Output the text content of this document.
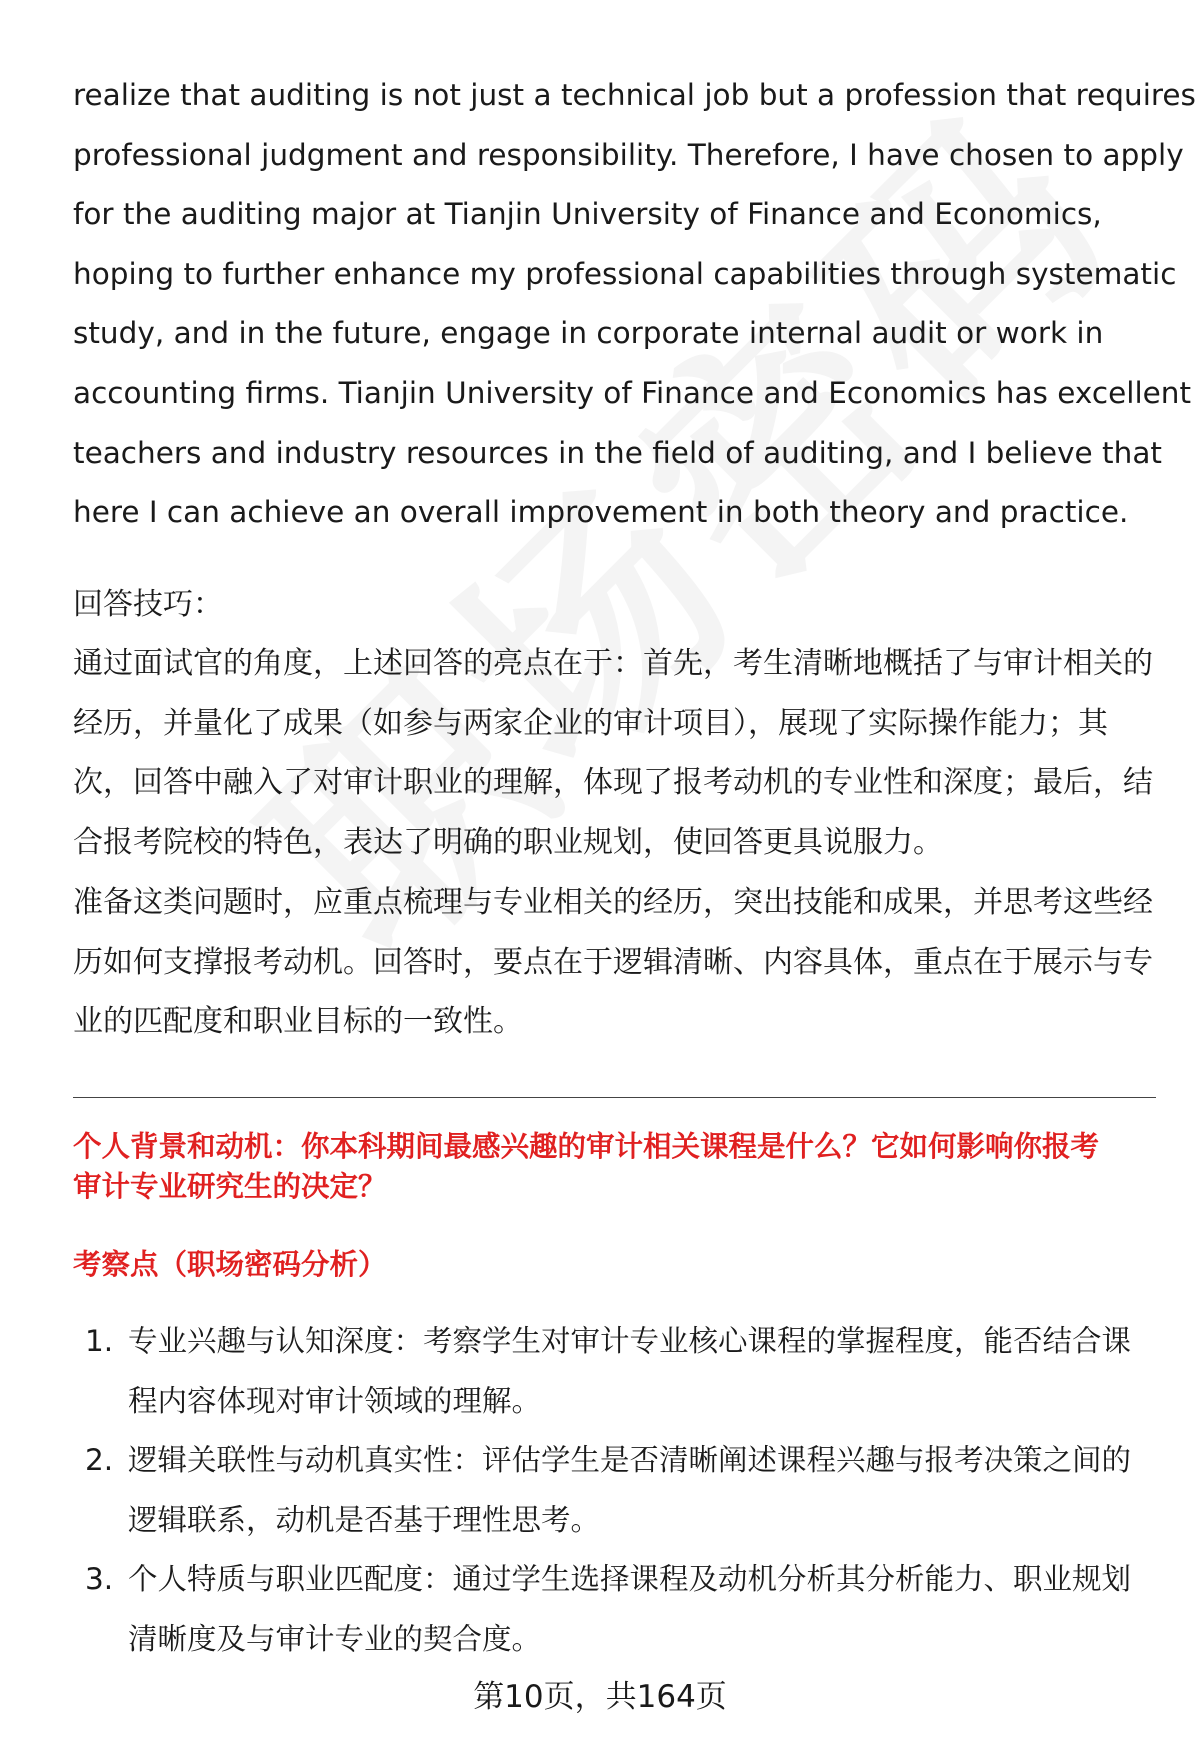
realize that auditing is not just a technical job but a profession that requires
professional judgment and responsibility. Therefore, I have chosen to apply
for the auditing major at Tianjin University of Finance and Economics,
hoping to further enhance my professional capabilities through systematic
study, and in the future, engage in corporate internal audit or work in
accounting firms. Tianjin University of Finance and Economics has excellent
teachers and industry resources in the field of auditing, and I believe that
here I can achieve an overall improvement in both theory and practice.

回答技巧：
通过面试官的角度，上述回答的亮点在于：首先，考生清晰地概括了与审计相关的
经历，并量化了成果（如参与两家企业的审计项目），展现了实际操作能力；其
次，回答中融入了对审计职业的理解，体现了报考动机的专业性和深度；最后，结
合报考院校的特色，表达了明确的职业规划，使回答更具说服力。
准备这类问题时，应重点梳理与专业相关的经历，突出技能和成果，并思考这些经
历如何支撑报考动机。回答时，要点在于逻辑清晰、内容具体，重点在于展示与专
业的匹配度和职业目标的一致性。
个人背景和动机：你本科期间最感兴趣的审计相关课程是什么？它如何影响你报考
审计专业研究生的决定？
考察点（职场密码分析）
1. 专业兴趣与认知深度：考察学生对审计专业核心课程的掌握程度，能否结合课
程内容体现对审计领域的理解。
2. 逻辑关联性与动机真实性：评估学生是否清晰阐述课程兴趣与报考决策之间的
逻辑联系，动机是否基于理性思考。
3. 个人特质与职业匹配度：通过学生选择课程及动机分析其分析能力、职业规划
清晰度及与审计专业的契合度。
第10页，共164页
